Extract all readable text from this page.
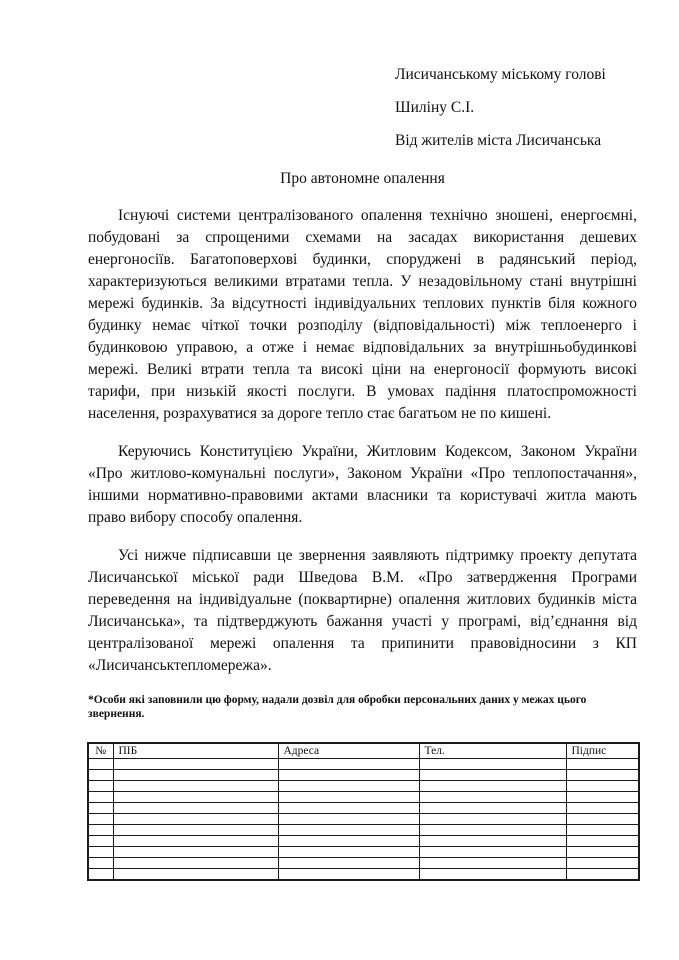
Лисичанському міському голові
Шиліну С.І.
Від жителів міста Лисичанська
Про автономне опалення

Існуючі системи централізованого опалення технічно зношені, енергоємні, побудовані за спрощеними схемами на засадах використання дешевих енергоносіїв. Багатоповерхові будинки, споруджені в радянський період, характеризуються великими втратами тепла. У незадовільному стані внутрішні мережі будинків. За відсутності індивідуальних теплових пунктів біля кожного будинку немає чіткої точки розподілу (відповідальності) між теплоенерго і будинковою управою, а отже і немає відповідальних за внутрішньобудинкові мережі. Великі втрати тепла та високі ціни на енергоносії формують високі тарифи, при низькій якості послуги. В умовах падіння платоспроможності населення, розрахуватися за дороге тепло стає багатьом не по кишені.

Керуючись Конституцією України, Житловим Кодексом, Законом України «Про житлово-комунальні послуги», Законом України «Про теплопостачання», іншими нормативно-правовими актами власники та користувачі житла мають право вибору способу опалення.

Усі нижче підписавши це звернення заявляють підтримку проекту депутата Лисичанської міської ради Шведова В.М. «Про затвердження Програми переведення на індивідуальне (поквартирне) опалення житлових будинків міста Лисичанська», та підтверджують бажання участі у програмі, від’єднання від централізованої мережі опалення та припинити правовідносини з КП «Лисичанськтепломережа».

*Особи які заповнили цю форму, надали дозвіл для обробки персональних даних у межах цього звернення.
№	ПІБ	Адреса	Тел.	Підпис
